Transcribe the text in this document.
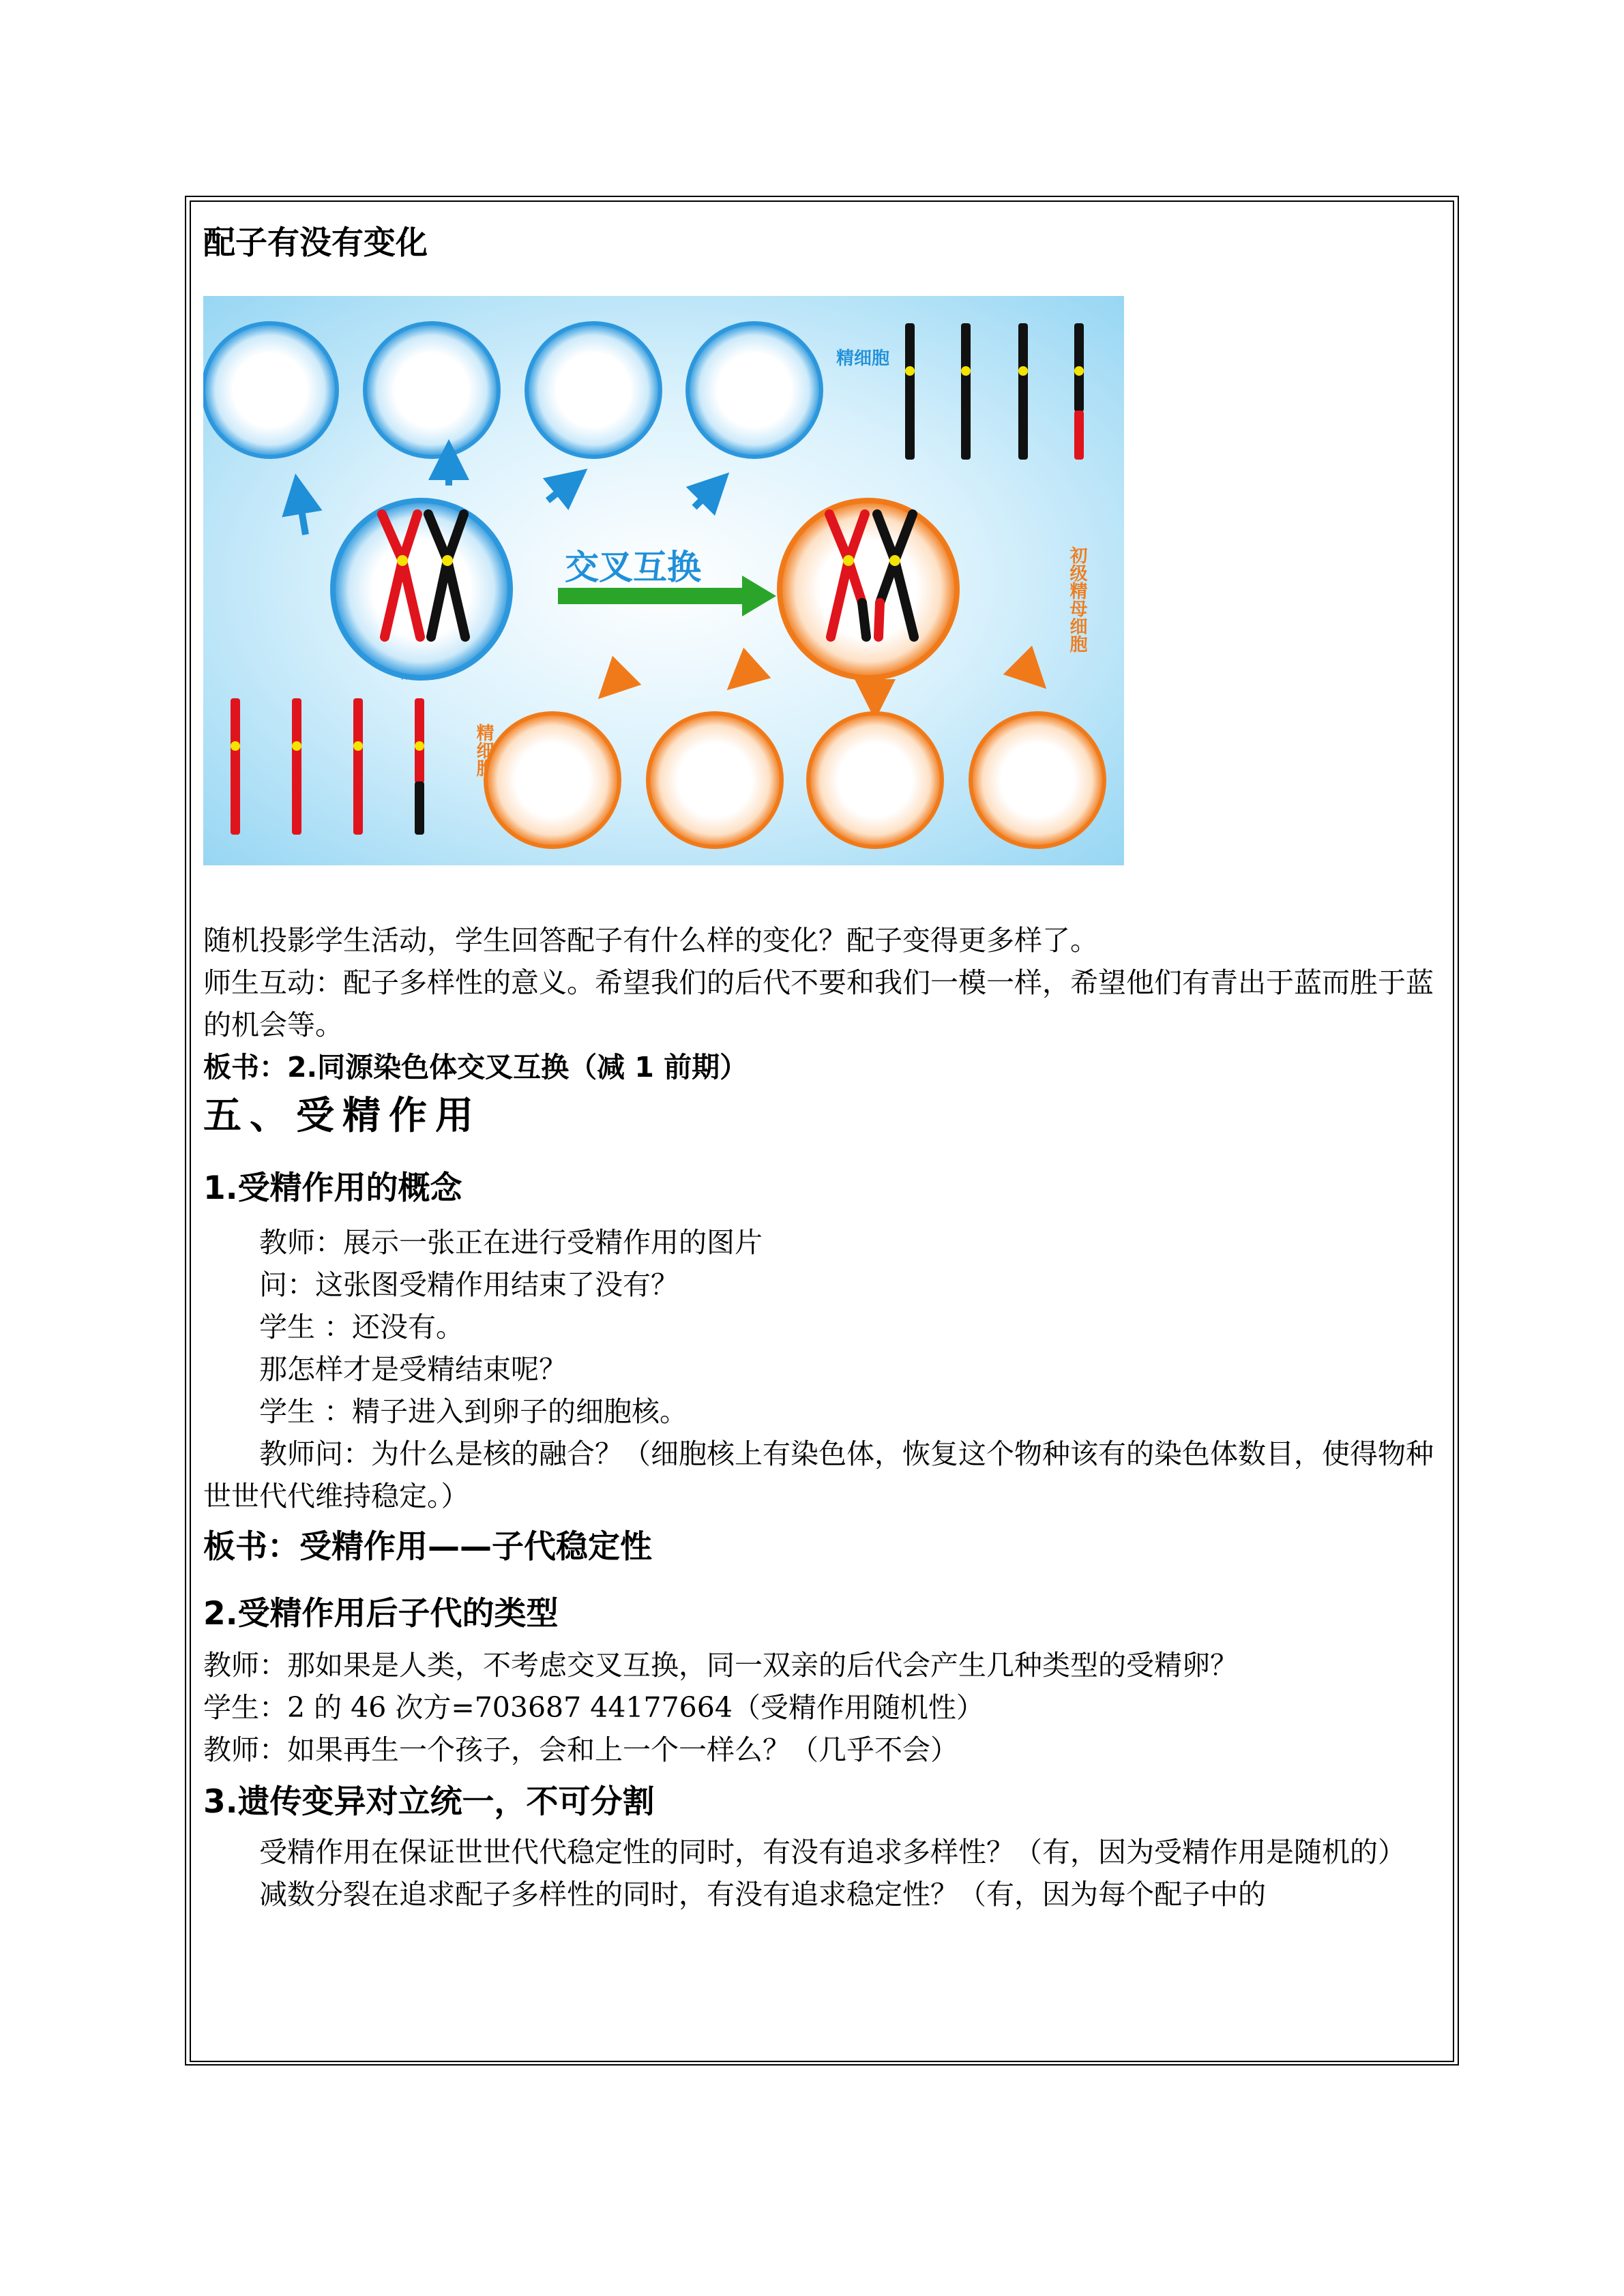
配子有没有变化
精细胞
交叉互换	初级精母细胞
精细胞

随机投影学生活动，学生回答配子有什么样的变化？配子变得更多样了。

师生互动：配子多样性的意义。希望我们的后代不要和我们一模一样，希望他们有青出于蓝而胜于蓝的机会等。

板书：2.同源染色体交叉互换（减 1 前期）

五、受精作用
1.受精作用的概念

教师：展示一张正在进行受精作用的图片

问：这张图受精作用结束了没有？

学生 ：还没有。

那怎样才是受精结束呢？

学生 ：精子进入到卵子的细胞核。

教师问：为什么是核的融合？（细胞核上有染色体，恢复这个物种该有的染色体数目，使得物种世世代代维持稳定。）

板书：受精作用——子代稳定性
2.受精作用后子代的类型

教师：那如果是人类，不考虑交叉互换，同一双亲的后代会产生几种类型的受精卵？

学生：2 的 46 次方=703687 44177664（受精作用随机性）

教师：如果再生一个孩子，会和上一个一样么？（几乎不会）

3.遗传变异对立统一，不可分割

受精作用在保证世世代代稳定性的同时，有没有追求多样性？（有，因为受精作用是随机的）

减数分裂在追求配子多样性的同时，有没有追求稳定性？（有，因为每个配子中的
